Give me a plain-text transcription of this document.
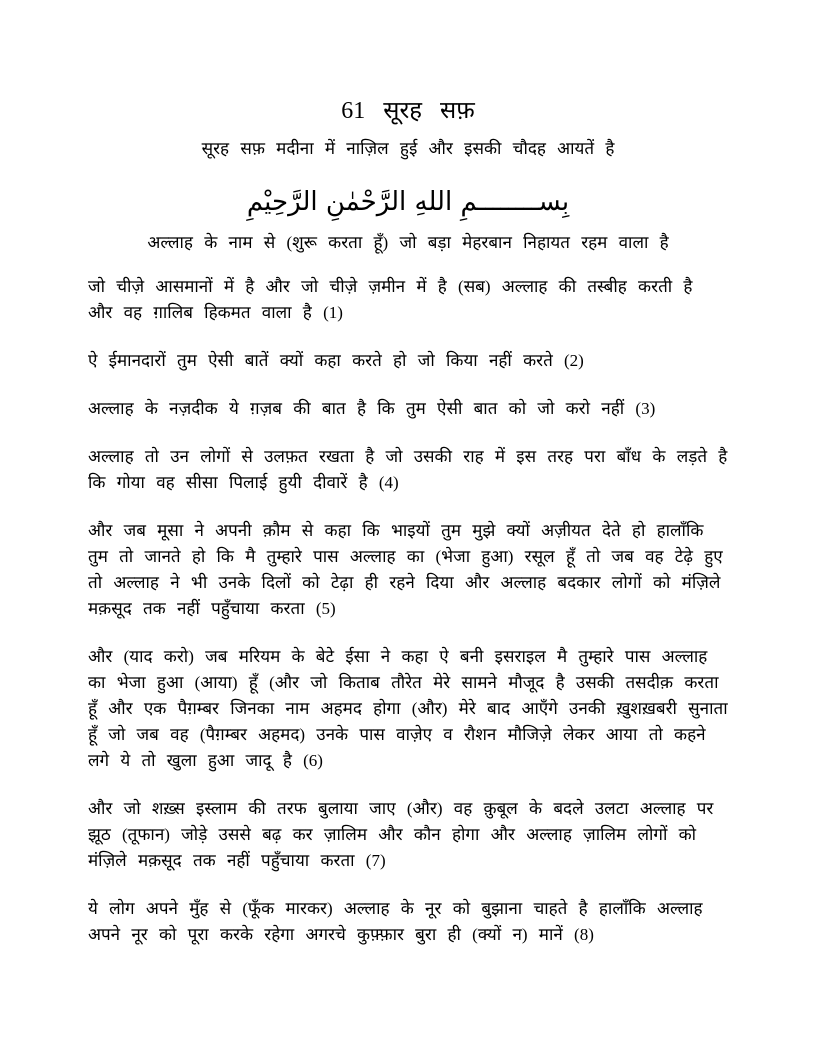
61 सूरह सफ़
सूरह सफ़ मदीना में नाज़िल हुई और इसकी चौदह आयतें है
بِســــــــمِ اللهِ الرَّحْمٰنِ الرَّحِيْمِ
अल्लाह के नाम से (शुरू करता हूँ) जो बड़ा मेहरबान निहायत रहम वाला है

जो चीज़े आसमानों में है और जो चीज़े ज़मीन में है (सब) अल्लाह की तस्बीह करती है और वह ग़ालिब हिकमत वाला है (1)

ऐ ईमानदारों तुम ऐसी बातें क्यों कहा करते हो जो किया नहीं करते (2)

अल्लाह के नज़दीक ये ग़ज़ब की बात है कि तुम ऐसी बात को जो करो नहीं (3)

अल्लाह तो उन लोगों से उलफ़त रखता है जो उसकी राह में इस तरह परा बाँध के लड़ते है कि गोया वह सीसा पिलाई हुयी दीवारें है (4)

और जब मूसा ने अपनी क़ौम से कहा कि भाइयों तुम मुझे क्यों अज़ीयत देते हो हालाँकि तुम तो जानते हो कि मै तुम्हारे पास अल्लाह का (भेजा हुआ) रसूल हूँ तो जब वह टेढ़े हुए तो अल्लाह ने भी उनके दिलों को टेढ़ा ही रहने दिया और अल्लाह बदकार लोगों को मंज़िले मक़सूद तक नहीं पहुँचाया करता (5)

और (याद करो) जब मरियम के बेटे ईसा ने कहा ऐ बनी इसराइल मै तुम्हारे पास अल्लाह का भेजा हुआ (आया) हूँ (और जो किताब तौरेत मेरे सामने मौजूद है उसकी तसदीक़ करता हूँ और एक पैग़म्बर जिनका नाम अहमद होगा (और) मेरे बाद आएँगे उनकी ख़ुशख़बरी सुनाता हूँ जो जब वह (पैग़म्बर अहमद) उनके पास वाज़ेए व रौशन मौजिज़े लेकर आया तो कहने लगे ये तो खुला हुआ जादू है (6)

और जो शख़्स इस्लाम की तरफ बुलाया जाए (और) वह क़ुबूल के बदले उलटा अल्लाह पर झूठ (तूफान) जोड़े उससे बढ़ कर ज़ालिम और कौन होगा और अल्लाह ज़ालिम लोगों को मंज़िले मक़सूद तक नहीं पहुँचाया करता (7)

ये लोग अपने मुँह से (फूँक मारकर) अल्लाह के नूर को बुझाना चाहते है हालाँकि अल्लाह अपने नूर को पूरा करके रहेगा अगरचे कुफ़्फ़ार बुरा ही (क्यों न) मानें (8)
